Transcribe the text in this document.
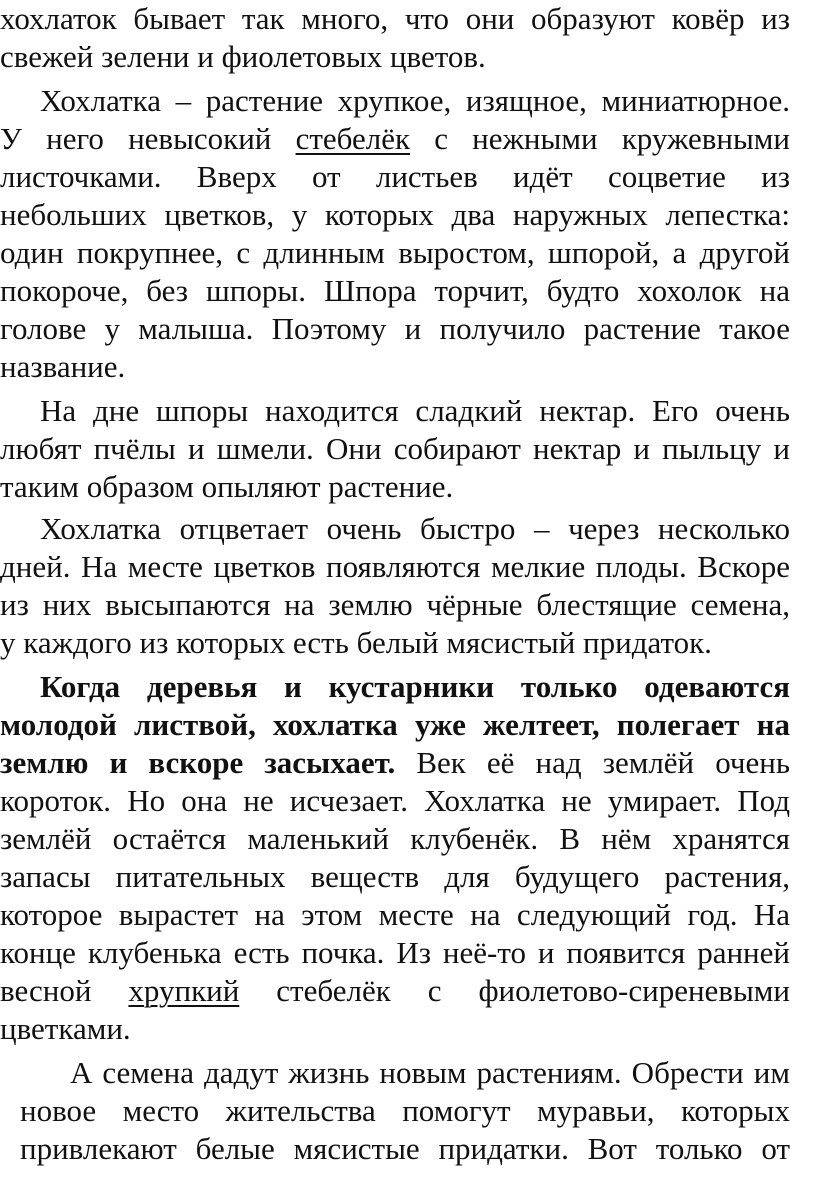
хохлаток бывает так много, что они образуют ковёр из
свежей зелени и фиолетовых цветов.
Хохлатка – растение хрупкое, изящное, миниатюрное.
У него невысокий стебелёк с нежными кружевными
листочками. Вверх от листьев идёт соцветие из
небольших цветков, у которых два наружных лепестка:
один покрупнее, с длинным выростом, шпорой, а другой
покороче, без шпоры. Шпора торчит, будто хохолок на
голове у малыша. Поэтому и получило растение такое
название.
На дне шпоры находится сладкий нектар. Его очень
любят пчёлы и шмели. Они собирают нектар и пыльцу и
таким образом опыляют растение.
Хохлатка отцветает очень быстро – через несколько
дней. На месте цветков появляются мелкие плоды. Вскоре
из них высыпаются на землю чёрные блестящие семена,
у каждого из которых есть белый мясистый придаток.
Когда деревья и кустарники только одеваются
молодой листвой, хохлатка уже желтеет, полегает на
землю и вскоре засыхает. Век её над землёй очень
короток. Но она не исчезает. Хохлатка не умирает. Под
землёй остаётся маленький клубенёк. В нём хранятся
запасы питательных веществ для будущего растения,
которое вырастет на этом месте на следующий год. На
конце клубенька есть почка. Из неё-то и появится ранней
весной хрупкий стебелёк с фиолетово-сиреневыми
цветками.
А семена дадут жизнь новым растениям. Обрести им
новое место жительства помогут муравьи, которых
привлекают белые мясистые придатки. Вот только от
